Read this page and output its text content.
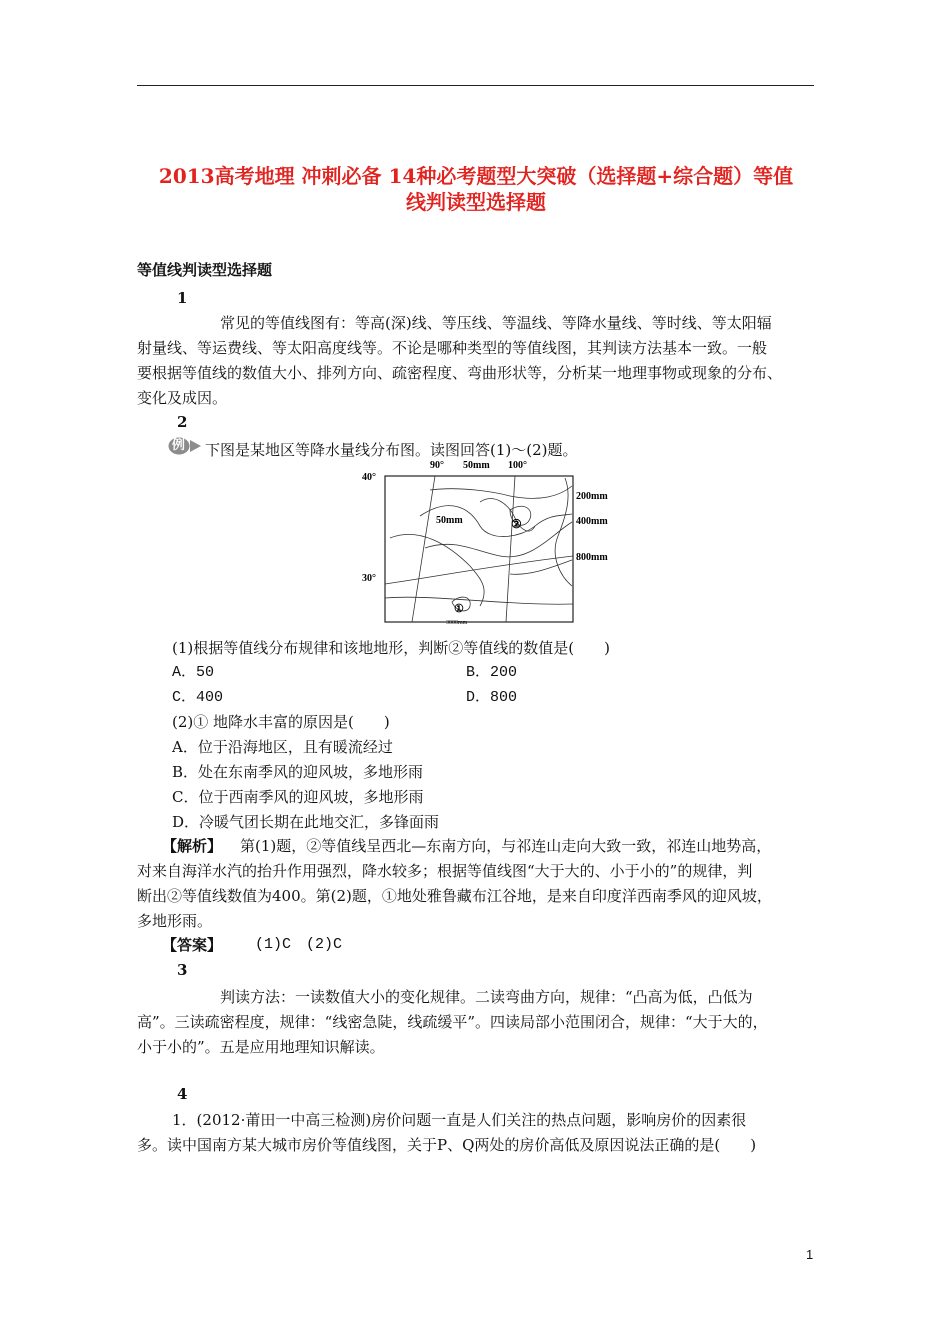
2013高考地理 冲刺必备 14种必考题型大突破（选择题+综合题）等值
线判读型选择题
等值线判读型选择题
1
常见的等值线图有：等高(深)线、等压线、等温线、等降水量线、等时线、等太阳辐
射量线、等运费线、等太阳高度线等。不论是哪种类型的等值线图，其判读方法基本一致。一般
要根据等值线的数值大小、排列方向、疏密程度、弯曲形状等，分析某一地理事物或现象的分布、
变化及成因。
2
例 下图是某地区等降水量线分布图。读图回答(1)～(2)题。
90° 50mm 100°
40°
30°
200mm
400mm
800mm
50mm	②
①
3000mm
(1)根据等值线分布规律和该地地形，判断②等值线的数值是(　　)
A．50	B．200
C．400	D．800
(2)① 地降水丰富的原因是(　　)
A．位于沿海地区，且有暖流经过
B．处在东南季风的迎风坡，多地形雨
C．位于西南季风的迎风坡，多地形雨
D．冷暖气团长期在此地交汇，多锋面雨
【解析】 第(1)题，②等值线呈西北—东南方向，与祁连山走向大致一致，祁连山地势高，
对来自海洋水汽的抬升作用强烈，降水较多；根据等值线图“大于大的、小于小的”的规律，判
断出②等值线数值为400。第(2)题，①地处雅鲁藏布江谷地，是来自印度洋西南季风的迎风坡，
多地形雨。
【答案】 (1)C　(2)C
3
判读方法：一读数值大小的变化规律。二读弯曲方向，规律：“凸高为低，凸低为
高”。三读疏密程度，规律：“线密急陡，线疏缓平”。四读局部小范围闭合，规律：“大于大的，
小于小的”。五是应用地理知识解读。
4
1．(2012·莆田一中高三检测)房价问题一直是人们关注的热点问题，影响房价的因素很
多。读中国南方某大城市房价等值线图，关于P、Q两处的房价高低及原因说法正确的是(　　)
1
